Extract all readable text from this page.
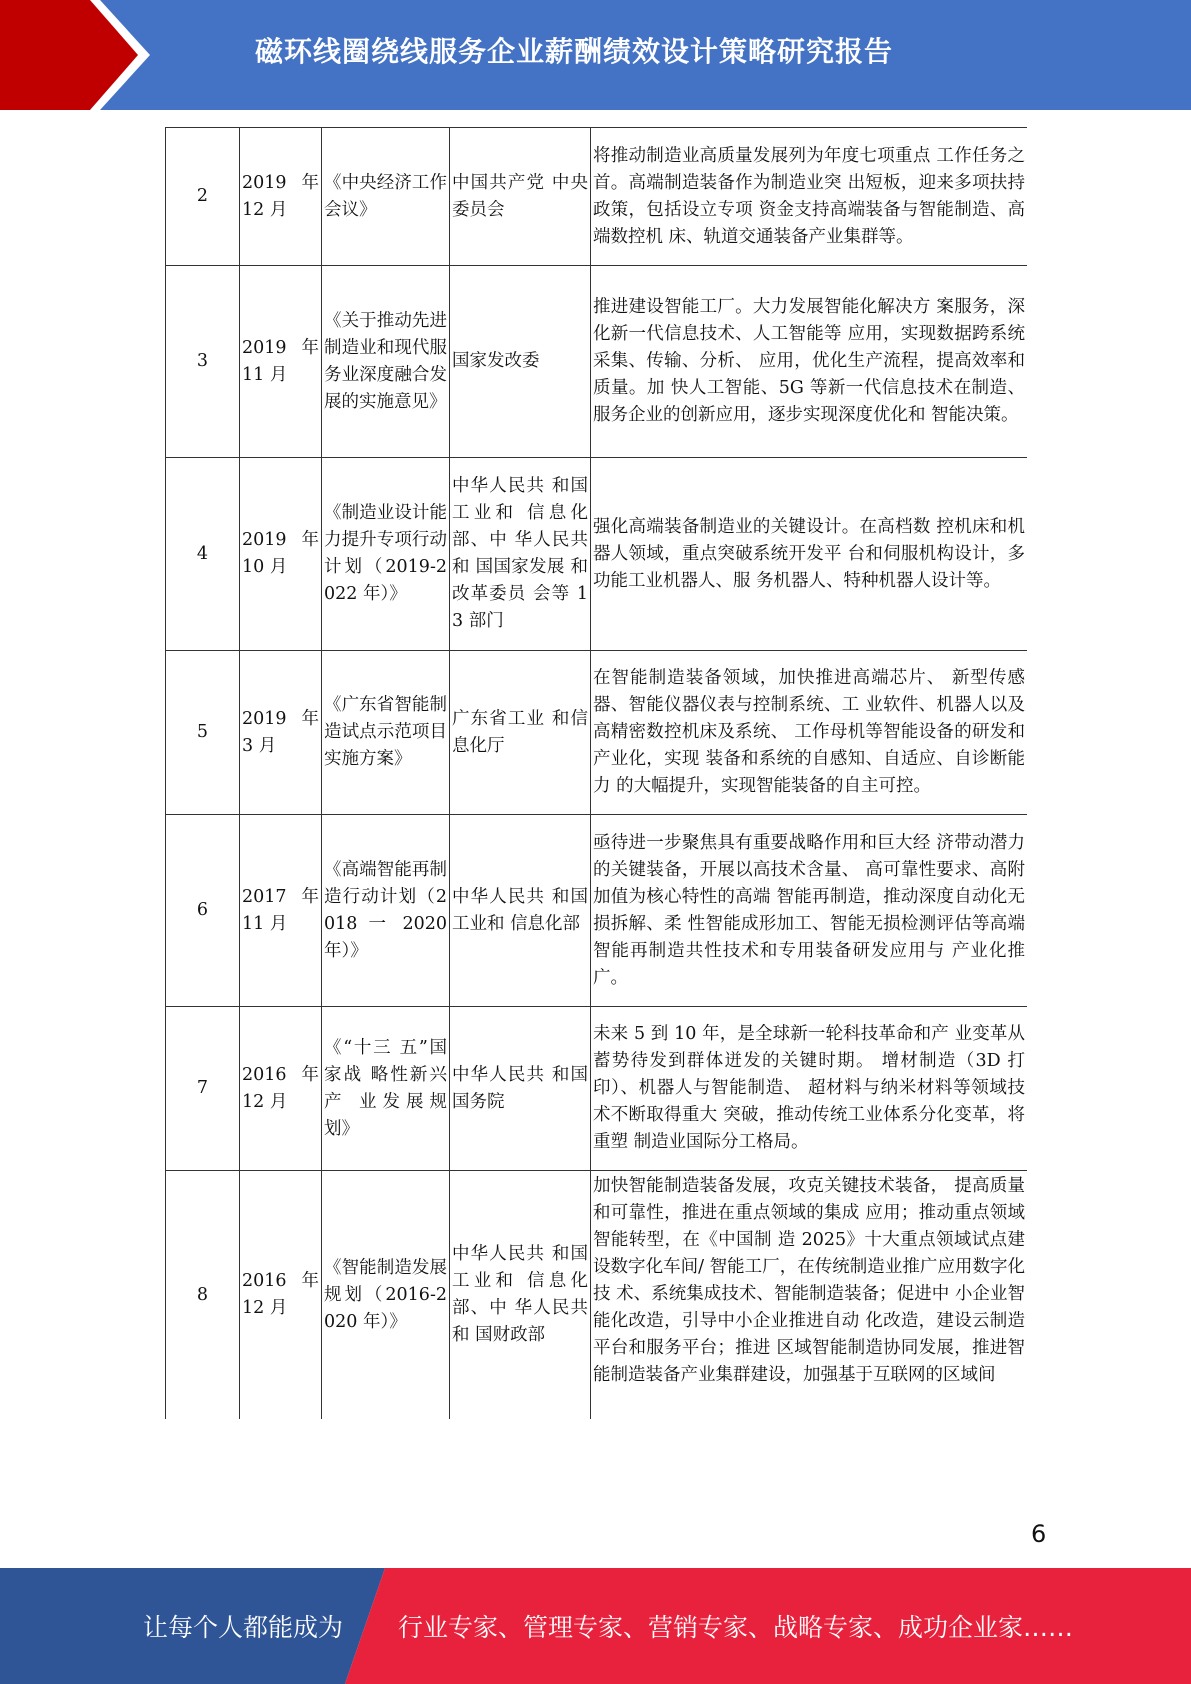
磁环线圈绕线服务企业薪酬绩效设计策略研究报告
2	2019 年 12 月	《中央经济工作会议》	中国共产党 中央委员会	将推动制造业高质量发展列为年度七项重点 工作任务之首。高端制造装备作为制造业突 出短板，迎来多项扶持政策，包括设立专项 资金支持高端装备与智能制造、高端数控机 床、轨道交通装备产业集群等。
3	2019 年 11 月	《关于推动先进制造业和现代服务业深度融合发展的实施意见》	国家发改委	推进建设智能工厂。大力发展智能化解决方 案服务，深化新一代信息技术、人工智能等 应用，实现数据跨系统采集、传输、分析、 应用，优化生产流程，提高效率和质量。加 快人工智能、5G 等新一代信息技术在制造、 服务企业的创新应用，逐步实现深度优化和 智能决策。
4	2019 年 10 月	《制造业设计能力提升专项行动计划（2019-2022 年）》	中华人民共 和国工业和 信息化部、中 华人民共和 国国家发展 和改革委员 会等 13 部门	强化高端装备制造业的关键设计。在高档数 控机床和机器人领域，重点突破系统开发平 台和伺服机构设计，多功能工业机器人、服 务机器人、特种机器人设计等。
5	2019 年 3 月	《广东省智能制造试点示范项目实施方案》	广东省工业 和信息化厅	在智能制造装备领域，加快推进高端芯片、 新型传感器、智能仪器仪表与控制系统、工 业软件、机器人以及高精密数控机床及系统、 工作母机等智能设备的研发和产业化，实现 装备和系统的自感知、自适应、自诊断能力 的大幅提升，实现智能装备的自主可控。
6	2017 年 11 月	《高端智能再制造行动计划（2018 一 2020 年）》	中华人民共 和国工业和 信息化部	亟待进一步聚焦具有重要战略作用和巨大经 济带动潜力的关键装备，开展以高技术含量、 高可靠性要求、高附加值为核心特性的高端 智能再制造，推动深度自动化无损拆解、柔 性智能成形加工、智能无损检测评估等高端 智能再制造共性技术和专用装备研发应用与 产业化推广。
7	2016 年 12 月	《“十三 五”国家战 略性新兴产 业发展规 划》	中华人民共 和国国务院	未来 5 到 10 年，是全球新一轮科技革命和产 业变革从蓄势待发到群体迸发的关键时期。 增材制造（3D 打印）、机器人与智能制造、 超材料与纳米材料等领域技术不断取得重大 突破，推动传统工业体系分化变革，将重塑 制造业国际分工格局。
8	2016 年 12 月	《智能制造发展规划（2016-2020 年）》	中华人民共 和国工业和 信息化部、中 华人民共和 国财政部	加快智能制造装备发展，攻克关键技术装备， 提高质量和可靠性，推进在重点领域的集成 应用；推动重点领域智能转型，在《中国制 造 2025》十大重点领域试点建设数字化车间/ 智能工厂，在传统制造业推广应用数字化技 术、系统集成技术、智能制造装备；促进中 小企业智能化改造，引导中小企业推进自动 化改造，建设云制造平台和服务平台；推进 区域智能制造协同发展，推进智能制造装备产业集群建设，加强基于互联网的区域间
6
让每个人都能成为 行业专家、管理专家、营销专家、战略专家、成功企业家……
